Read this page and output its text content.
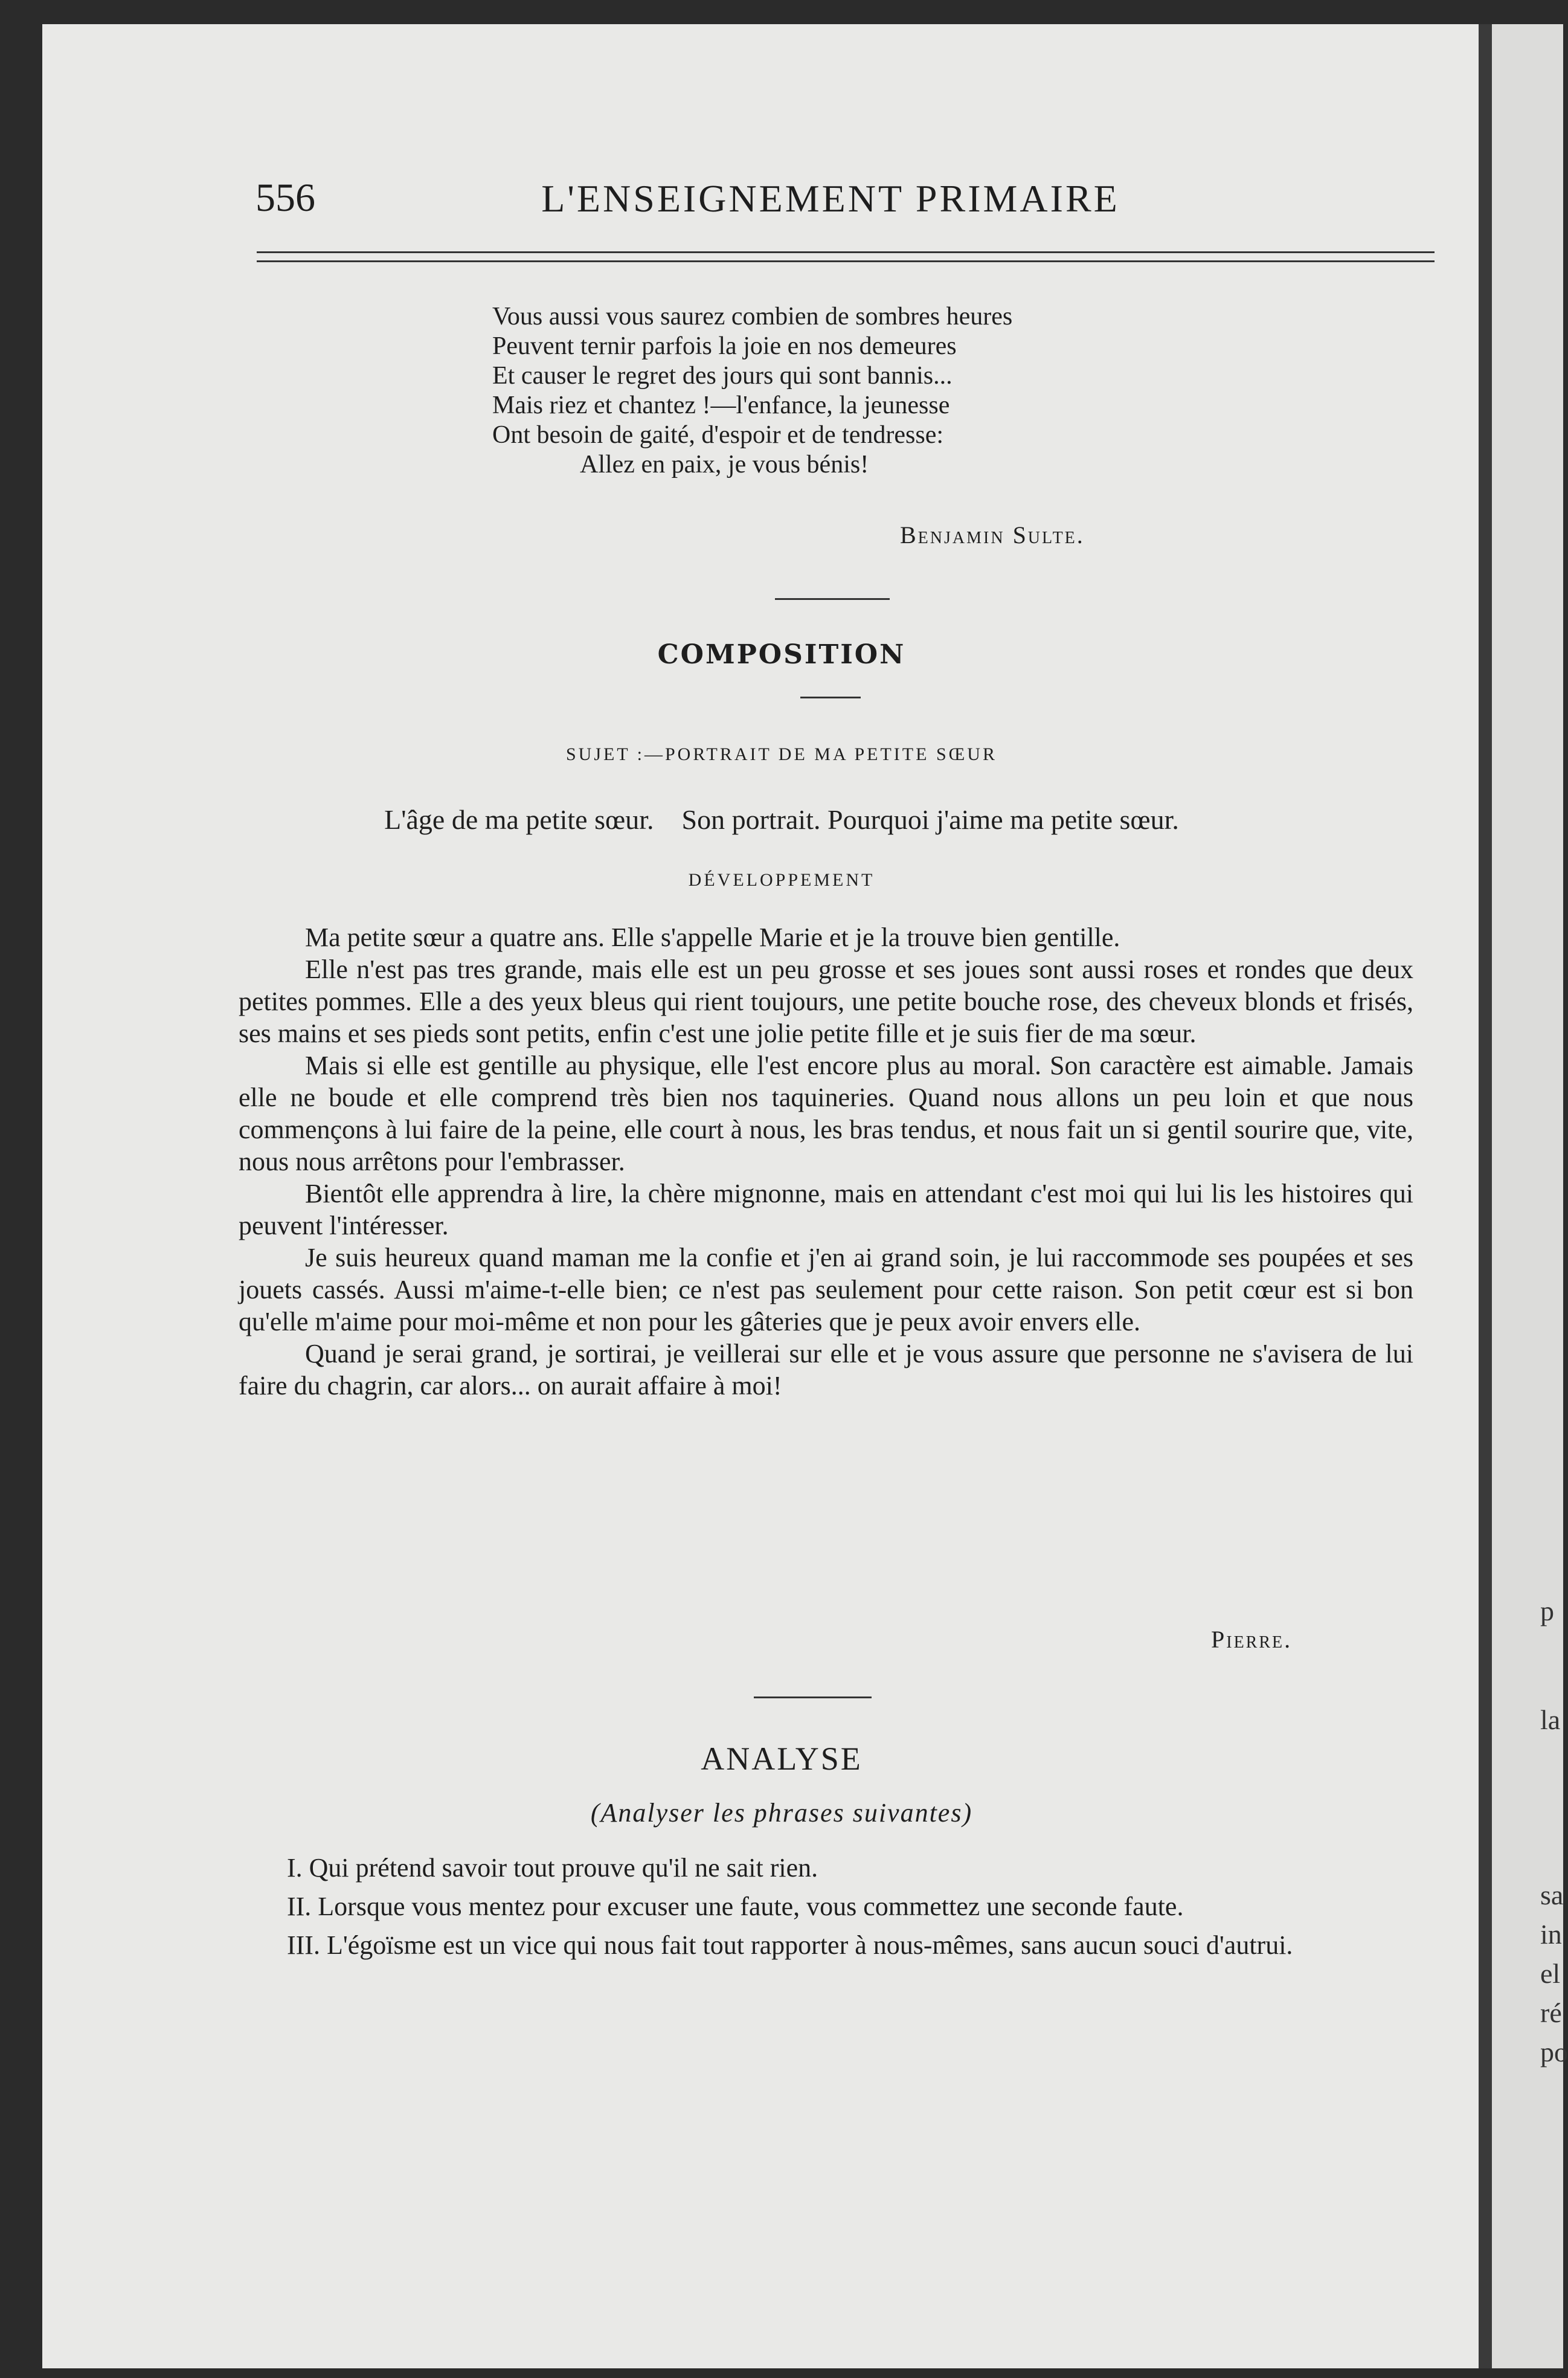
p
la
sa
in
el
ré
po
556	L'ENSEIGNEMENT PRIMAIRE
Vous aussi vous saurez combien de sombres heures
Peuvent ternir parfois la joie en nos demeures
Et causer le regret des jours qui sont bannis...
Mais riez et chantez !—l'enfance, la jeunesse
Ont besoin de gaité, d'espoir et de tendresse:
Allez en paix, je vous bénis!
Benjamin Sulte.
COMPOSITION
SUJET :—PORTRAIT DE MA PETITE SŒUR
L'âge de ma petite sœur.    Son portrait. Pourquoi j'aime ma petite sœur.
DÉVELOPPEMENT

Ma petite sœur a quatre ans. Elle s'appelle Marie et je la trouve bien gentille.

Elle n'est pas tres grande, mais elle est un peu grosse et ses joues sont aussi roses et rondes que deux petites pommes. Elle a des yeux bleus qui rient toujours, une petite bouche rose, des cheveux blonds et frisés, ses mains et ses pieds sont petits, enfin c'est une jolie petite fille et je suis fier de ma sœur.

Mais si elle est gentille au physique, elle l'est encore plus au moral. Son caractère est aimable. Jamais elle ne boude et elle comprend très bien nos taquineries. Quand nous allons un peu loin et que nous commençons à lui faire de la peine, elle court à nous, les bras tendus, et nous fait un si gentil sourire que, vite, nous nous arrêtons pour l'embrasser.

Bientôt elle apprendra à lire, la chère mignonne, mais en attendant c'est moi qui lui lis les histoires qui peuvent l'intéresser.

Je suis heureux quand maman me la confie et j'en ai grand soin, je lui raccommode ses poupées et ses jouets cassés. Aussi m'aime-t-elle bien; ce n'est pas seulement pour cette raison. Son petit cœur est si bon qu'elle m'aime pour moi-même et non pour les gâteries que je peux avoir envers elle.

Quand je serai grand, je sortirai, je veillerai sur elle et je vous assure que personne ne s'avisera de lui faire du chagrin, car alors... on aurait affaire à moi!

Pierre.
ANALYSE
(Analyser les phrases suivantes)

I. Qui prétend savoir tout prouve qu'il ne sait rien.

II. Lorsque vous mentez pour excuser une faute, vous commettez une seconde faute.

III. L'égoïsme est un vice qui nous fait tout rapporter à nous-mêmes, sans aucun souci d'autrui.
